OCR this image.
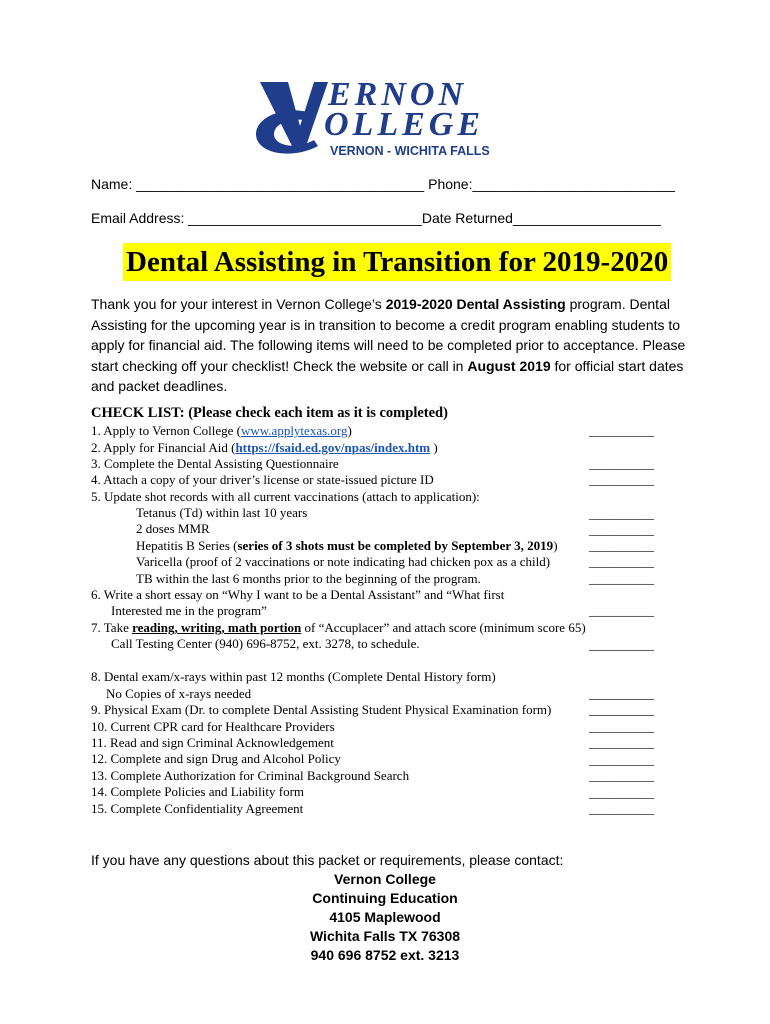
ERNON
OLLEGE
VERNON - WICHITA FALLS
Name: _____________________________________ Phone:__________________________
Email Address: ______________________________Date Returned___________________
Dental Assisting in Transition for 2019-2020
Thank you for your interest in Vernon College’s 2019-2020 Dental Assisting program. Dental Assisting for the upcoming year is in transition to become a credit program enabling students to apply for financial aid. The following items will need to be completed prior to acceptance. Please start checking off your checklist! Check the website or call in August 2019 for official start dates and packet deadlines.
CHECK LIST: (Please check each item as it is completed)
1. Apply to Vernon College (www.applytexas.org)	__________
2. Apply for Financial Aid (https://fsaid.ed.gov/npas/index.htm )
3. Complete the Dental Assisting Questionnaire	__________
4. Attach a copy of your driver’s license or state-issued picture ID	__________
5. Update shot records with all current vaccinations (attach to application):
Tetanus (Td) within last 10 years	__________
2 doses MMR	__________
Hepatitis B Series (series of 3 shots must be completed by September 3, 2019) __________
Varicella (proof of 2 vaccinations or note indicating had chicken pox as a child)	__________
TB within the last 6 months prior to the beginning of the program.	__________
6. Write a short essay on “Why I want to be a Dental Assistant” and “What first
Interested me in the program”	__________
7. Take reading, writing, math portion of “Accuplacer” and attach score (minimum score 65)
Call Testing Center (940) 696-8752, ext. 3278, to schedule.	__________
8. Dental exam/x-rays within past 12 months (Complete Dental History form)
No Copies of x-rays needed	__________
9. Physical Exam (Dr. to complete Dental Assisting Student Physical Examination form)	__________
10. Current CPR card for Healthcare Providers	__________
11. Read and sign Criminal Acknowledgement	__________
12. Complete and sign Drug and Alcohol Policy	__________
13. Complete Authorization for Criminal Background Search	__________
14. Complete Policies and Liability form	__________
15. Complete Confidentiality Agreement	__________
If you have any questions about this packet or requirements, please contact:
Vernon College
Continuing Education
4105 Maplewood
Wichita Falls TX 76308
940 696 8752 ext. 3213
